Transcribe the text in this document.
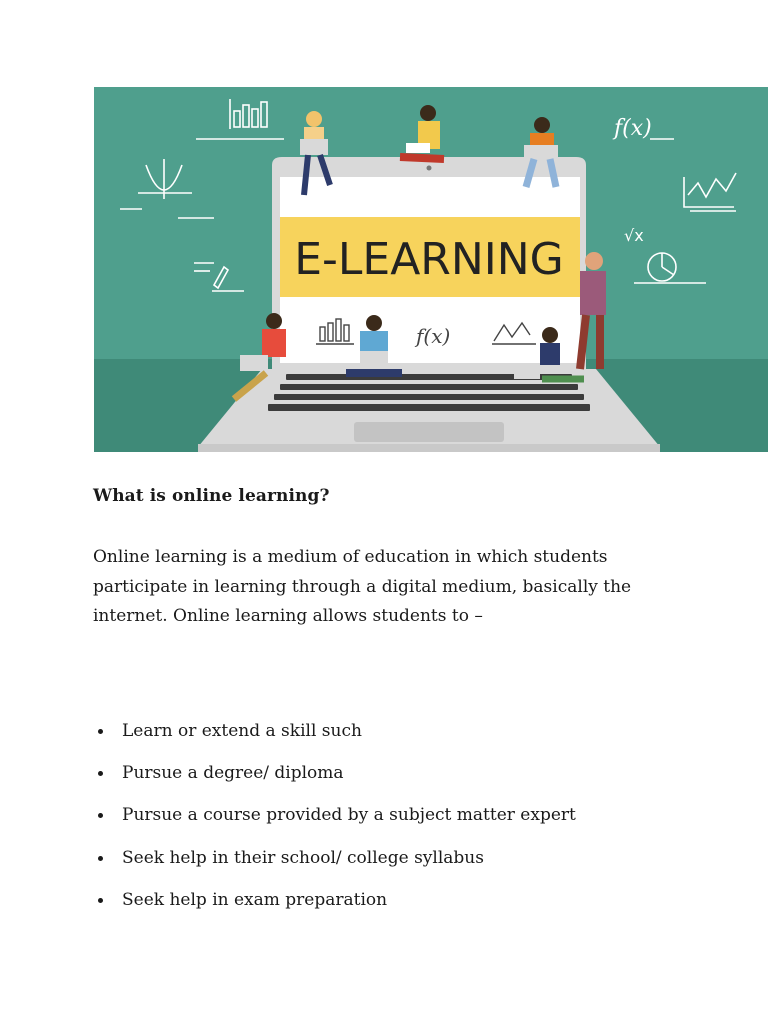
f(x)
√x
E-LEARNING
f(x)
What is online learning?

Online learning is a medium of education in which students participate in learning through a digital medium, basically the internet. Online learning allows students to –

Learn or extend a skill such
Pursue a degree/ diploma
Pursue a course provided by a subject matter expert
Seek help in their school/ college syllabus
Seek help in exam preparation
